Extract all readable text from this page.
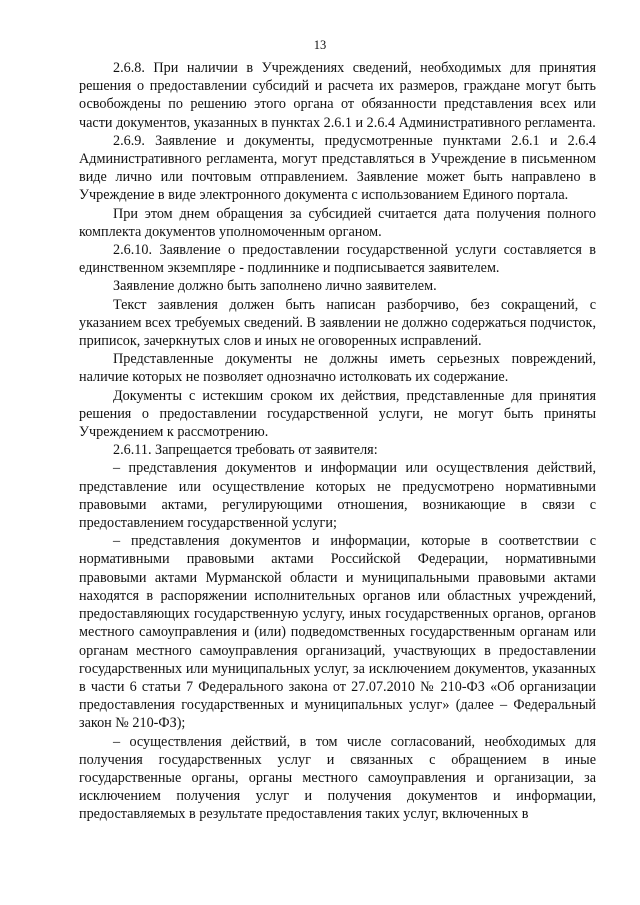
13

2.6.8. При наличии в Учреждениях сведений, необходимых для принятия решения о предоставлении субсидий и расчета их размеров, граждане могут быть освобождены по решению этого органа от обязанности представления всех или части документов, указанных в пунктах 2.6.1 и 2.6.4 Административного регламента.

2.6.9. Заявление и документы, предусмотренные пунктами 2.6.1 и 2.6.4 Административного регламента, могут представляться в Учреждение в письменном виде лично или почтовым отправлением. Заявление может быть направлено в Учреждение в виде электронного документа с использованием Единого портала.

При этом днем обращения за субсидией считается дата получения полного комплекта документов уполномоченным органом.

2.6.10. Заявление о предоставлении государственной услуги составляется в единственном экземпляре - подлиннике и подписывается заявителем.

Заявление должно быть заполнено лично заявителем.

Текст заявления должен быть написан разборчиво, без сокращений, с указанием всех требуемых сведений. В заявлении не должно содержаться подчисток, приписок, зачеркнутых слов и иных не оговоренных исправлений.

Представленные документы не должны иметь серьезных повреждений, наличие которых не позволяет однозначно истолковать их содержание.

Документы с истекшим сроком их действия, представленные для принятия решения о предоставлении государственной услуги, не могут быть приняты Учреждением к рассмотрению.

2.6.11. Запрещается требовать от заявителя:

– представления документов и информации или осуществления действий, представление или осуществление которых не предусмотрено нормативными правовыми актами, регулирующими отношения, возникающие в связи с предоставлением государственной услуги;

– представления документов и информации, которые в соответствии с нормативными правовыми актами Российской Федерации, нормативными правовыми актами Мурманской области и муниципальными правовыми актами находятся в распоряжении исполнительных органов или областных учреждений, предоставляющих государственную услугу, иных государственных органов, органов местного самоуправления и (или) подведомственных государственным органам или органам местного самоуправления организаций, участвующих в предоставлении государственных или муниципальных услуг, за исключением документов, указанных в части 6 статьи 7 Федерального закона от 27.07.2010 № 210-ФЗ «Об организации предоставления государственных и муниципальных услуг» (далее – Федеральный закон № 210-ФЗ);

– осуществления действий, в том числе согласований, необходимых для получения государственных услуг и связанных с обращением в иные государственные органы, органы местного самоуправления и организации, за исключением получения услуг и получения документов и информации, предоставляемых в результате предоставления таких услуг, включенных в
